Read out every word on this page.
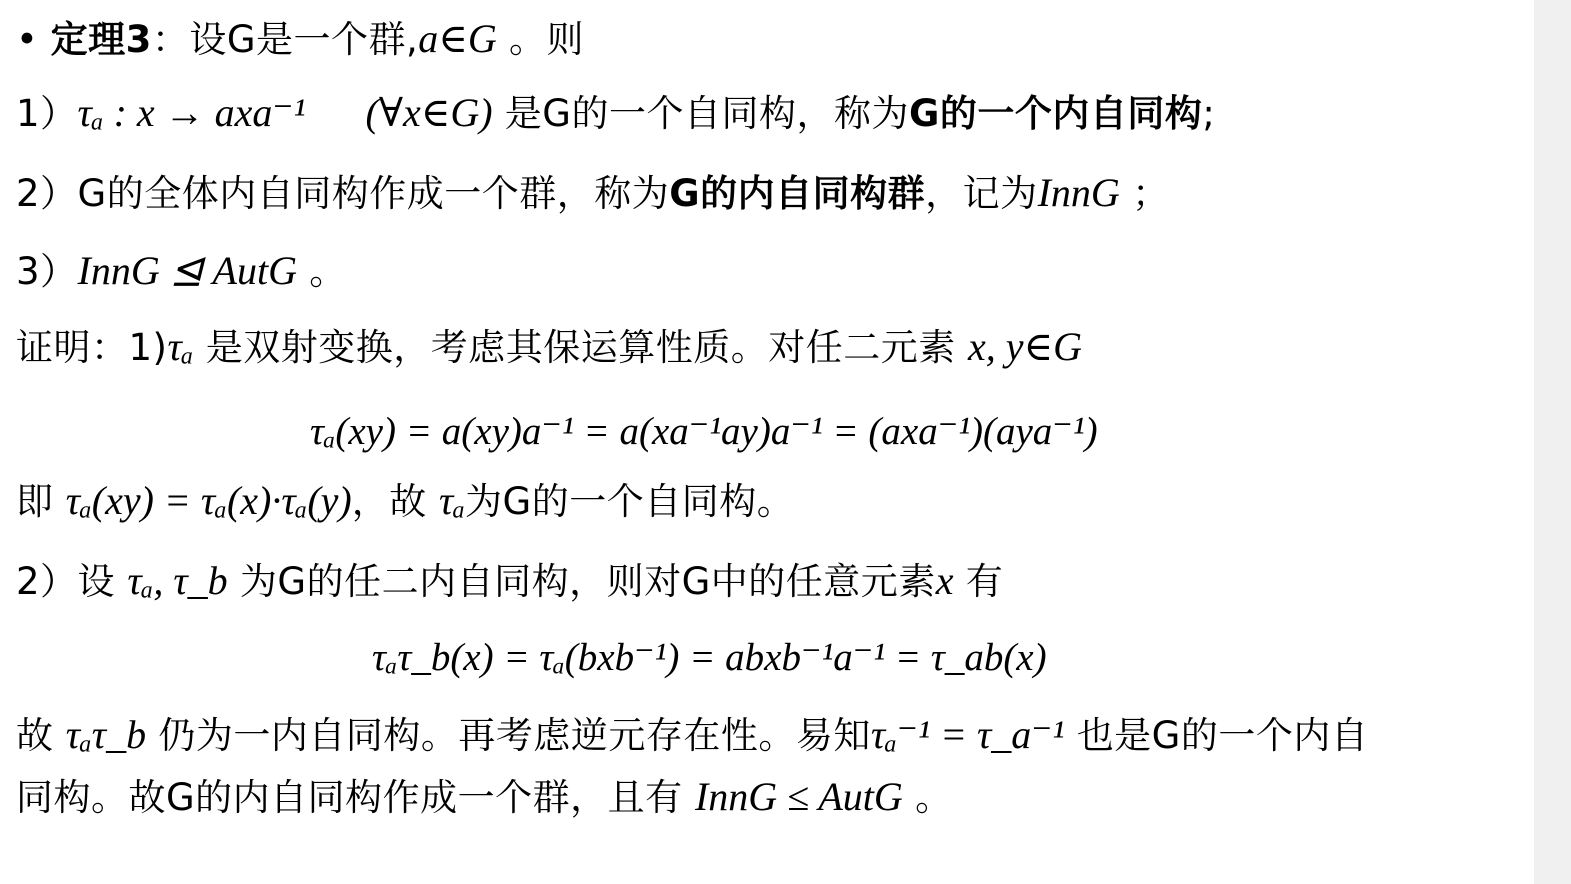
• 定理3：设G是一个群,a∈G 。则
1）τₐ : x → axa⁻¹ (∀x∈G) 是G的一个自同构，称为G的一个内自同构;
2）G的全体内自同构作成一个群，称为G的内自同构群，记为InnG ；
3）InnG ⊴ AutG 。
证明：1)τₐ 是双射变换，考虑其保运算性质。对任二元素 x, y∈G
τₐ(xy) = a(xy)a⁻¹ = a(xa⁻¹ay)a⁻¹ = (axa⁻¹)(aya⁻¹)
即 τₐ(xy) = τₐ(x)·τₐ(y)，故 τₐ为G的一个自同构。
2）设 τₐ, τ_b 为G的任二内自同构，则对G中的任意元素x 有
τₐτ_b(x) = τₐ(bxb⁻¹) = abxb⁻¹a⁻¹ = τ_ab(x)
故 τₐτ_b 仍为一内自同构。再考虑逆元存在性。易知τₐ⁻¹ = τ_a⁻¹ 也是G的一个内自
同构。故G的内自同构作成一个群，且有 InnG ≤ AutG 。
